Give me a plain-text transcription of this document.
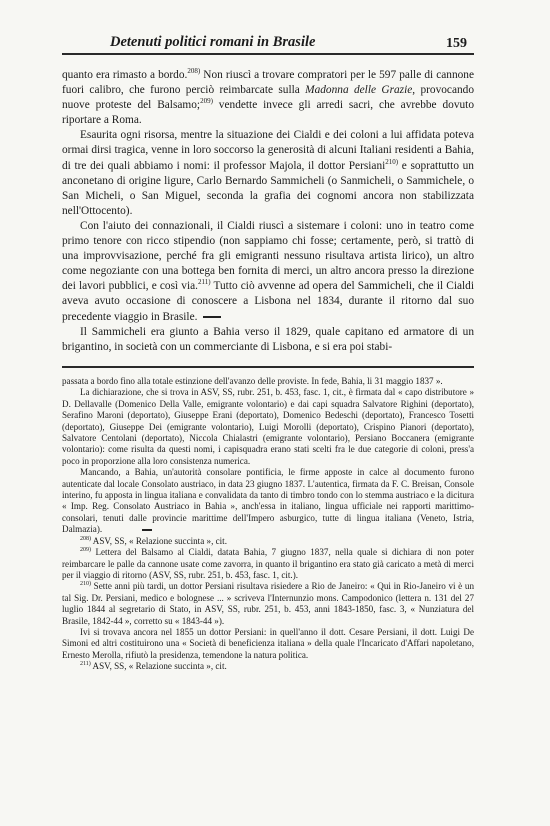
Detenuti politici romani in Brasile	159

quanto era rimasto a bordo.$^{208)}$ Non riuscì a trovare compratori per le 597 palle di cannone fuori calibro, che furono perciò reimbarcate sulla Madonna delle Grazie, provocando nuove proteste del Balsamo;$^{209)}$ vendette invece gli arredi sacri, che avrebbe dovuto riportare a Roma.

Esaurita ogni risorsa, mentre la situazione dei Cialdi e dei coloni a lui affidata poteva ormai dirsi tragica, venne in loro soccorso la generosità di alcuni Italiani residenti a Bahia, di tre dei quali abbiamo i nomi: il professor Majola, il dottor Persiani$^{210)}$ e soprattutto un anconetano di origine ligure, Carlo Bernardo Sammicheli (o Sanmicheli, o Sammichele, o San Micheli, o San Miguel, seconda la grafia dei cognomi ancora non stabilizzata nell'Ottocento).

Con l'aiuto dei connazionali, il Cialdi riuscì a sistemare i coloni: uno in teatro come primo tenore con ricco stipendio (non sappiamo chi fosse; certamente, però, si trattò di una improvvisazione, perché fra gli emigranti nessuno risultava artista lirico), un altro come negoziante con una bottega ben fornita di merci, un altro ancora presso la direzione dei lavori pubblici, e così via.$^{211)}$ Tutto ciò avvenne ad opera del Sammicheli, che il Cialdi aveva avuto occasione di conoscere a Lisbona nel 1834, durante il ritorno dal suo precedente viaggio in Brasile.

Il Sammicheli era giunto a Bahia verso il 1829, quale capitano ed armatore di un brigantino, in società con un commerciante di Lisbona, e si era poi stabi-

passata a bordo fino alla totale estinzione dell'avanzo delle proviste. In fede, Bahia, li 31 maggio 1837 ».

La dichiarazione, che si trova in ASV, SS, rubr. 251, b. 453, fasc. 1, cit., è firmata dal « capo distributore » D. Dellavalle (Domenico Della Valle, emigrante volontario) e dai capi squadra Salvatore Righini (deportato), Serafino Maroni (deportato), Giuseppe Erani (deportato), Domenico Bedeschi (deportato), Francesco Tosetti (deportato), Giuseppe Dei (emigrante volontario), Luigi Morolli (deportato), Crispino Pianori (deportato), Salvatore Centolani (deportato), Niccola Chialastri (emigrante volontario), Persiano Boccanera (emigrante volontario): come risulta da questi nomi, i capisquadra erano stati scelti fra le due categorie di coloni, press'a poco in proporzione alla loro consistenza numerica.

Mancando, a Bahia, un'autorità consolare pontificia, le firme apposte in calce al documento furono autenticate dal locale Consolato austriaco, in data 23 giugno 1837. L'autentica, firmata da F. C. Breisan, Console interino, fu apposta in lingua italiana e convalidata da tanto di timbro tondo con lo stemma austriaco e la dicitura « Imp. Reg. Consolato Austriaco in Bahia », anch'essa in italiano, lingua ufficiale nei rapporti marittimo-consolari, tenuti dalle provincie marittime dell'Impero asburgico, tutte di lingua italiana (Veneto, Istria, Dalmazia).

$^{208)}$ ASV, SS, « Relazione succinta », cit.

$^{209)}$ Lettera del Balsamo al Cialdi, datata Bahia, 7 giugno 1837, nella quale si dichiara di non poter reimbarcare le palle da cannone usate come zavorra, in quanto il brigantino era stato già caricato a metà di merci per il viaggio di ritorno (ASV, SS, rubr. 251, b. 453, fasc. 1, cit.).

$^{210)}$ Sette anni più tardi, un dottor Persiani risultava risiedere a Rio de Janeiro: « Qui in Rio-Janeiro vi è un tal Sig. Dr. Persiani, medico e bolognese ... » scriveva l'Internunzio mons. Campodonico (lettera n. 131 del 27 luglio 1844 al segretario di Stato, in ASV, SS, rubr. 251, b. 453, anni 1843-1850, fasc. 3, « Nunziatura del Brasile, 1842-44 », corretto su « 1843-44 »).

Ivi si trovava ancora nel 1855 un dottor Persiani: in quell'anno il dott. Cesare Persiani, il dott. Luigi De Simoni ed altri costituirono una « Società di beneficienza italiana » della quale l'Incaricato d'Affari napoletano, Ernesto Merolla, rifiutò la presidenza, temendone la natura politica.

$^{211)}$ ASV, SS, « Relazione succinta », cit.
